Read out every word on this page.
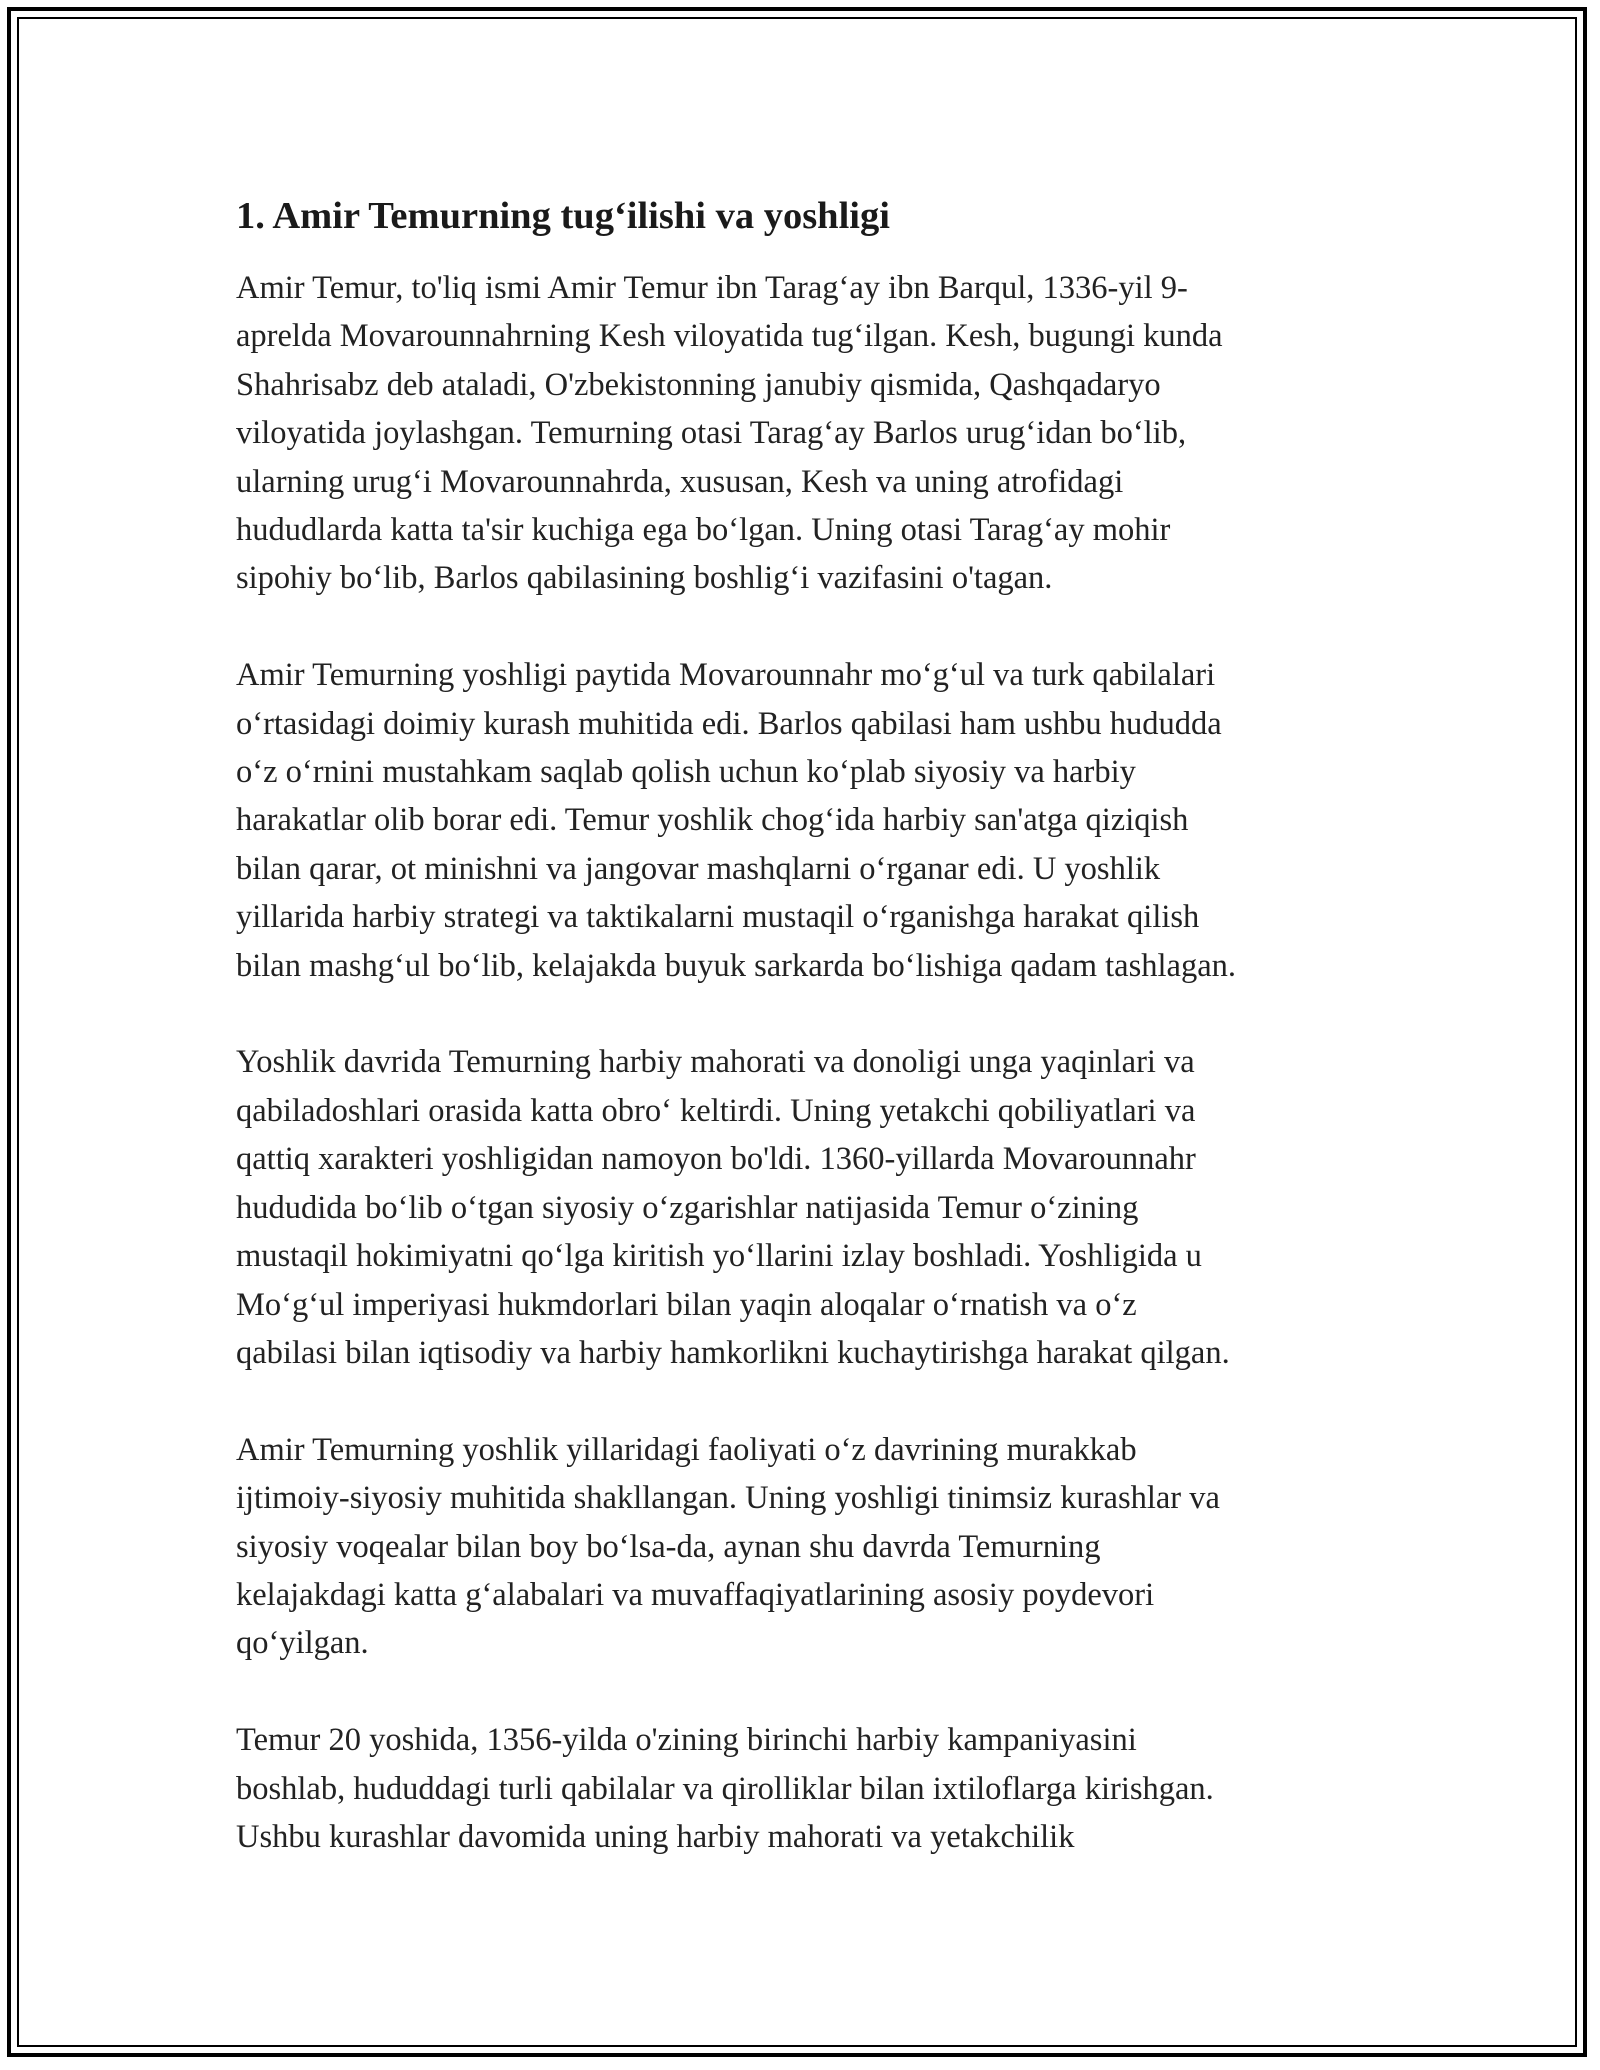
1. Amir Temurning tug‘ilishi va yoshligi

Amir Temur, to'liq ismi Amir Temur ibn Tarag‘ay ibn Barqul, 1336-yil 9-
aprelda Movarounnahrning Kesh viloyatida tug‘ilgan. Kesh, bugungi kunda
Shahrisabz deb ataladi, O'zbekistonning janubiy qismida, Qashqadaryo
viloyatida joylashgan. Temurning otasi Tarag‘ay Barlos urug‘idan bo‘lib,
ularning urug‘i Movarounnahrda, xususan, Kesh va uning atrofidagi
hududlarda katta ta'sir kuchiga ega bo‘lgan. Uning otasi Tarag‘ay mohir
sipohiy bo‘lib, Barlos qabilasining boshlig‘i vazifasini o'tagan.

Amir Temurning yoshligi paytida Movarounnahr mo‘g‘ul va turk qabilalari
o‘rtasidagi doimiy kurash muhitida edi. Barlos qabilasi ham ushbu hududda
o‘z o‘rnini mustahkam saqlab qolish uchun ko‘plab siyosiy va harbiy
harakatlar olib borar edi. Temur yoshlik chog‘ida harbiy san'atga qiziqish
bilan qarar, ot minishni va jangovar mashqlarni o‘rganar edi. U yoshlik
yillarida harbiy strategi va taktikalarni mustaqil o‘rganishga harakat qilish
bilan mashg‘ul bo‘lib, kelajakda buyuk sarkarda bo‘lishiga qadam tashlagan.

Yoshlik davrida Temurning harbiy mahorati va donoligi unga yaqinlari va
qabiladoshlari orasida katta obro‘ keltirdi. Uning yetakchi qobiliyatlari va
qattiq xarakteri yoshligidan namoyon bo'ldi. 1360-yillarda Movarounnahr
hududida bo‘lib o‘tgan siyosiy o‘zgarishlar natijasida Temur o‘zining
mustaqil hokimiyatni qo‘lga kiritish yo‘llarini izlay boshladi. Yoshligida u
Mo‘g‘ul imperiyasi hukmdorlari bilan yaqin aloqalar o‘rnatish va o‘z
qabilasi bilan iqtisodiy va harbiy hamkorlikni kuchaytirishga harakat qilgan.

Amir Temurning yoshlik yillaridagi faoliyati o‘z davrining murakkab
ijtimoiy-siyosiy muhitida shakllangan. Uning yoshligi tinimsiz kurashlar va
siyosiy voqealar bilan boy bo‘lsa-da, aynan shu davrda Temurning
kelajakdagi katta g‘alabalari va muvaffaqiyatlarining asosiy poydevori
qo‘yilgan.

Temur 20 yoshida, 1356-yilda o'zining birinchi harbiy kampaniyasini
boshlab, hududdagi turli qabilalar va qirolliklar bilan ixtiloflarga kirishgan.
Ushbu kurashlar davomida uning harbiy mahorati va yetakchilik
